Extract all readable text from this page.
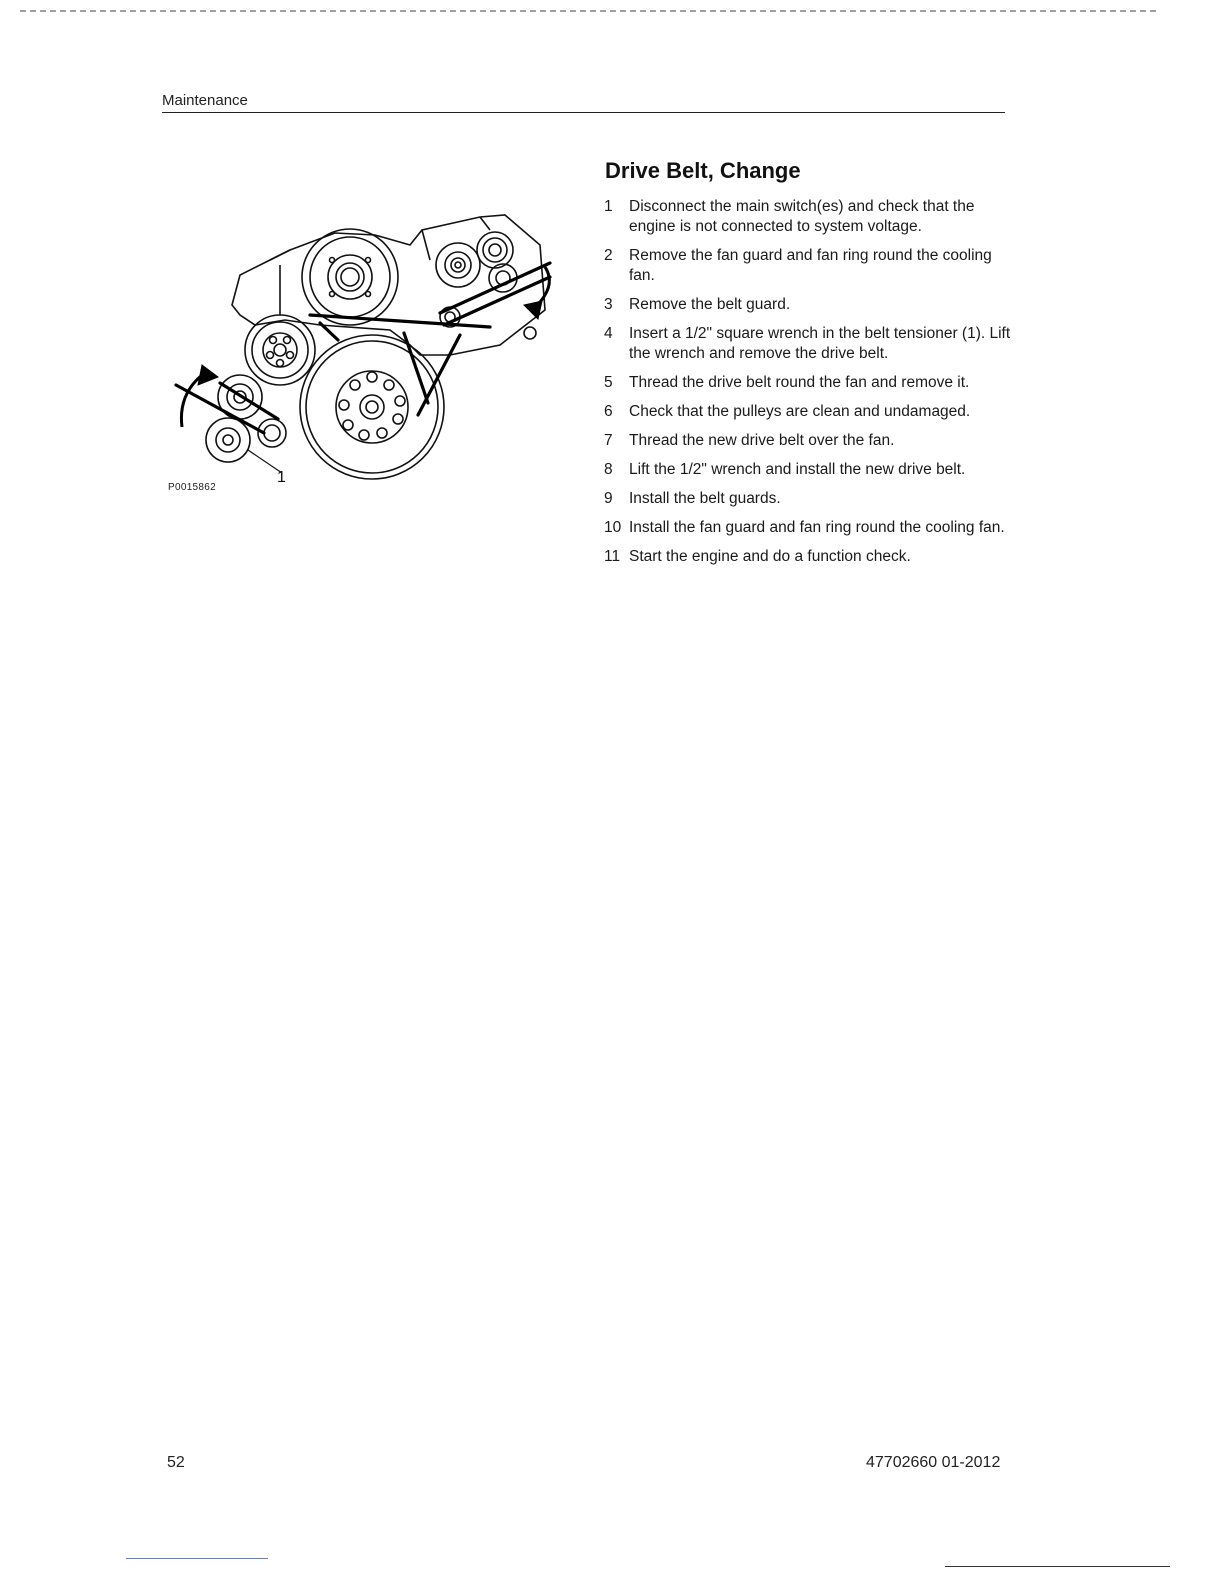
Maintenance
P0015862
1
Drive Belt, Change
1 Disconnect the main switch(es) and check that the engine is not connected to system voltage.
2 Remove the fan guard and fan ring round the cooling fan.
3 Remove the belt guard.
4 Insert a 1/2" square wrench in the belt tensioner (1). Lift the wrench and remove the drive belt.
5 Thread the drive belt round the fan and remove it.
6 Check that the pulleys are clean and undamaged.
7 Thread the new drive belt over the fan.
8 Lift the 1/2" wrench and install the new drive belt.
9 Install the belt guards.
10 Install the fan guard and fan ring round the cooling fan.
11 Start the engine and do a function check.
52	47702660 01-2012
